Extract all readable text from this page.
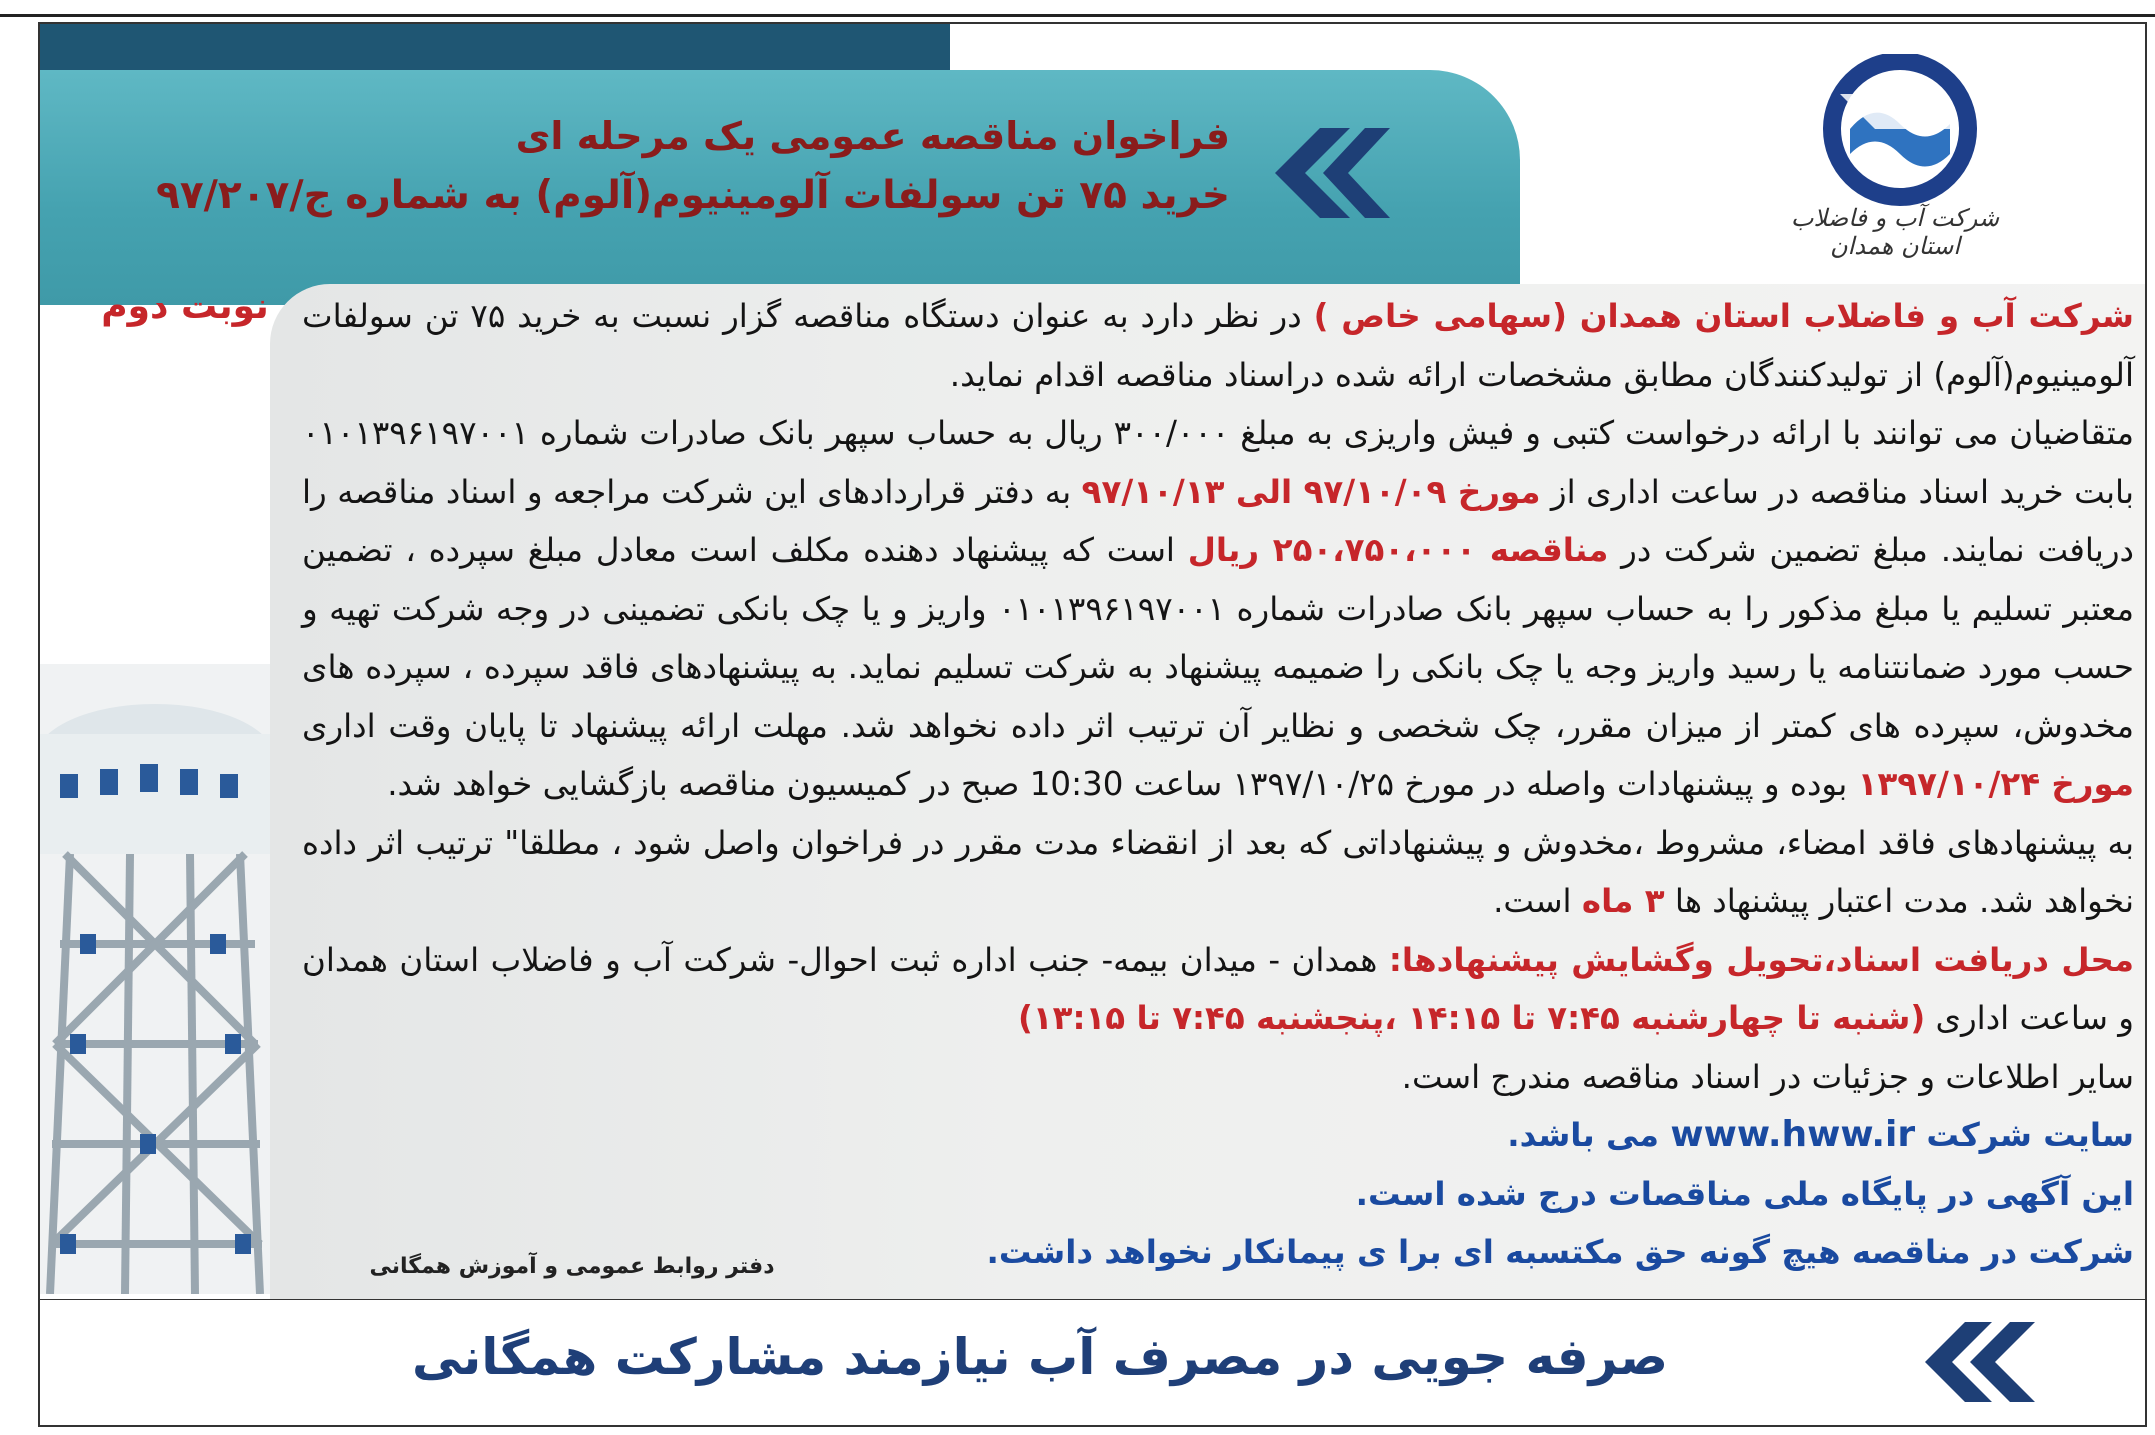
فراخوان مناقصه عمومی یک مرحله ای
خرید ۷۵ تن سولفات آلومینیوم(آلوم) به شماره ج/۹۷/۲۰۷	شرکت آب و فاضلاب استان همدان
نوبت دوم	شرکت آب و فاضلاب استان همدان (سهامی خاص ) در نظر دارد به عنوان دستگاه مناقصه گزار نسبت به خرید ۷۵ تن سولفات آلومینیوم(آلوم) از تولیدکنندگان مطابق مشخصات ارائه شده دراسناد مناقصه اقدام نماید.

متقاضیان می توانند با ارائه درخواست کتبی و فیش واریزی به مبلغ ۳۰۰/۰۰۰ ریال به حساب سپهر بانک صادرات شماره ۰۱۰۱۳۹۶۱۹۷۰۰۱ بابت خرید اسناد مناقصه در ساعت اداری از مورخ ۹۷/۱۰/۰۹ الی ۹۷/۱۰/۱۳ به دفتر قراردادهای این شرکت مراجعه و اسناد مناقصه را دریافت نمایند. مبلغ تضمین شرکت در مناقصه ۲۵۰،۷۵۰،۰۰۰ ریال است که پیشنهاد دهنده مکلف است معادل مبلغ سپرده ، تضمین معتبر تسلیم یا مبلغ مذکور را به حساب سپهر بانک صادرات شماره ۰۱۰۱۳۹۶۱۹۷۰۰۱ واریز و یا چک بانکی تضمینی در وجه شرکت تهیه و حسب مورد ضمانتنامه یا رسید واریز وجه یا چک بانکی را ضمیمه پیشنهاد به شرکت تسلیم نماید. به پیشنهادهای فاقد سپرده ، سپرده های مخدوش، سپرده های کمتر از میزان مقرر، چک شخصی و نظایر آن ترتیب اثر داده نخواهد شد. مهلت ارائه پیشنهاد تا پایان وقت اداری مورخ ۱۳۹۷/۱۰/۲۴ بوده و پیشنهادات واصله در مورخ ۱۳۹۷/۱۰/۲۵ ساعت 10:30 صبح در کمیسیون مناقصه بازگشایی خواهد شد.

به پیشنهادهای فاقد امضاء، مشروط ،مخدوش و پیشنهاداتی که بعد از انقضاء مدت مقرر در فراخوان واصل شود ، مطلقا" ترتیب اثر داده نخواهد شد. مدت اعتبار پیشنهاد ها ۳ ماه است.

محل دریافت اسناد،تحویل وگشایش پیشنهادها: همدان - میدان بیمه- جنب اداره ثبت احوال- شرکت آب و فاضلاب استان همدان و ساعت اداری (شنبه تا چهارشنبه ۷:۴۵ تا ۱۴:۱۵ ،پنجشنبه ۷:۴۵ تا ۱۳:۱۵)

سایر اطلاعات و جزئیات در اسناد مناقصه مندرج است.

سایت شرکت www.hww.ir می باشد.

این آگهی در پایگاه ملی مناقصات درج شده است.

شرکت در مناقصه هیچ گونه حق مکتسبه ای برا ی پیمانکار نخواهد داشت.

دفتر روابط عمومی و آموزش همگانی
صرفه جویی در مصرف آب نیازمند مشارکت همگانی
